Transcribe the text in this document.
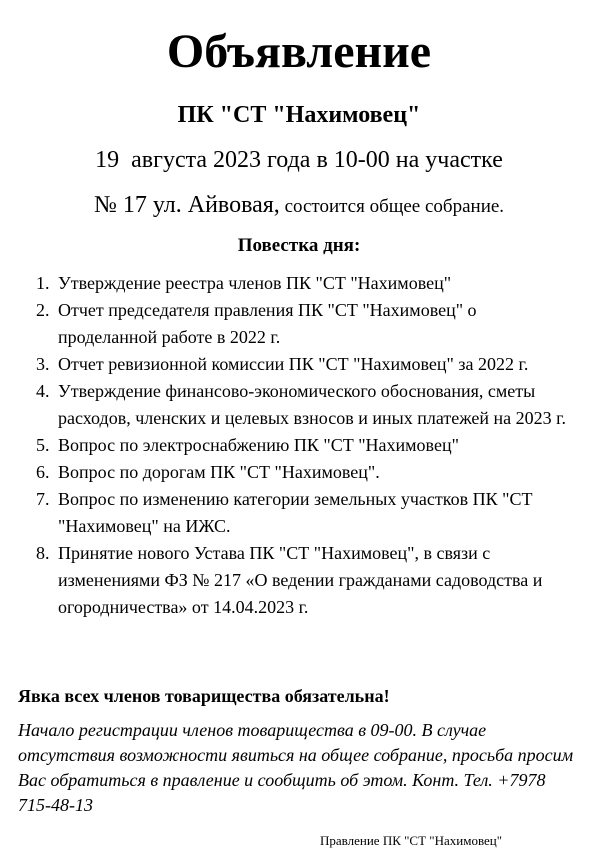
Объявление
ПК "СТ "Нахимовец"
19  августа 2023 года в 10-00 на участке
№ 17 ул. Айвовая, состоится общее собрание.
Повестка дня:
1. Утверждение реестра членов ПК "СТ "Нахимовец"
2. Отчет председателя правления ПК "СТ "Нахимовец" о проделанной работе в 2022 г.
3. Отчет ревизионной комиссии ПК "СТ "Нахимовец" за 2022 г.
4. Утверждение финансово-экономического обоснования, сметы расходов, членских и целевых взносов и иных платежей на 2023 г.
5. Вопрос по электроснабжению ПК "СТ "Нахимовец"
6. Вопрос по дорогам ПК "СТ "Нахимовец".
7. Вопрос по изменению категории земельных участков ПК "СТ "Нахимовец" на ИЖС.
8. Принятие нового Устава ПК "СТ "Нахимовец", в связи с изменениями ФЗ № 217 «О ведении гражданами садоводства и огородничества» от 14.04.2023 г.
Явка всех членов товарищества обязательна!
Начало регистрации членов товарищества в 09-00. В случае отсутствия возможности явиться на общее собрание, просьба просим Вас обратиться в правление и сообщить об этом. Конт. Тел. +7978 715-48-13
Правление ПК "СТ "Нахимовец"
